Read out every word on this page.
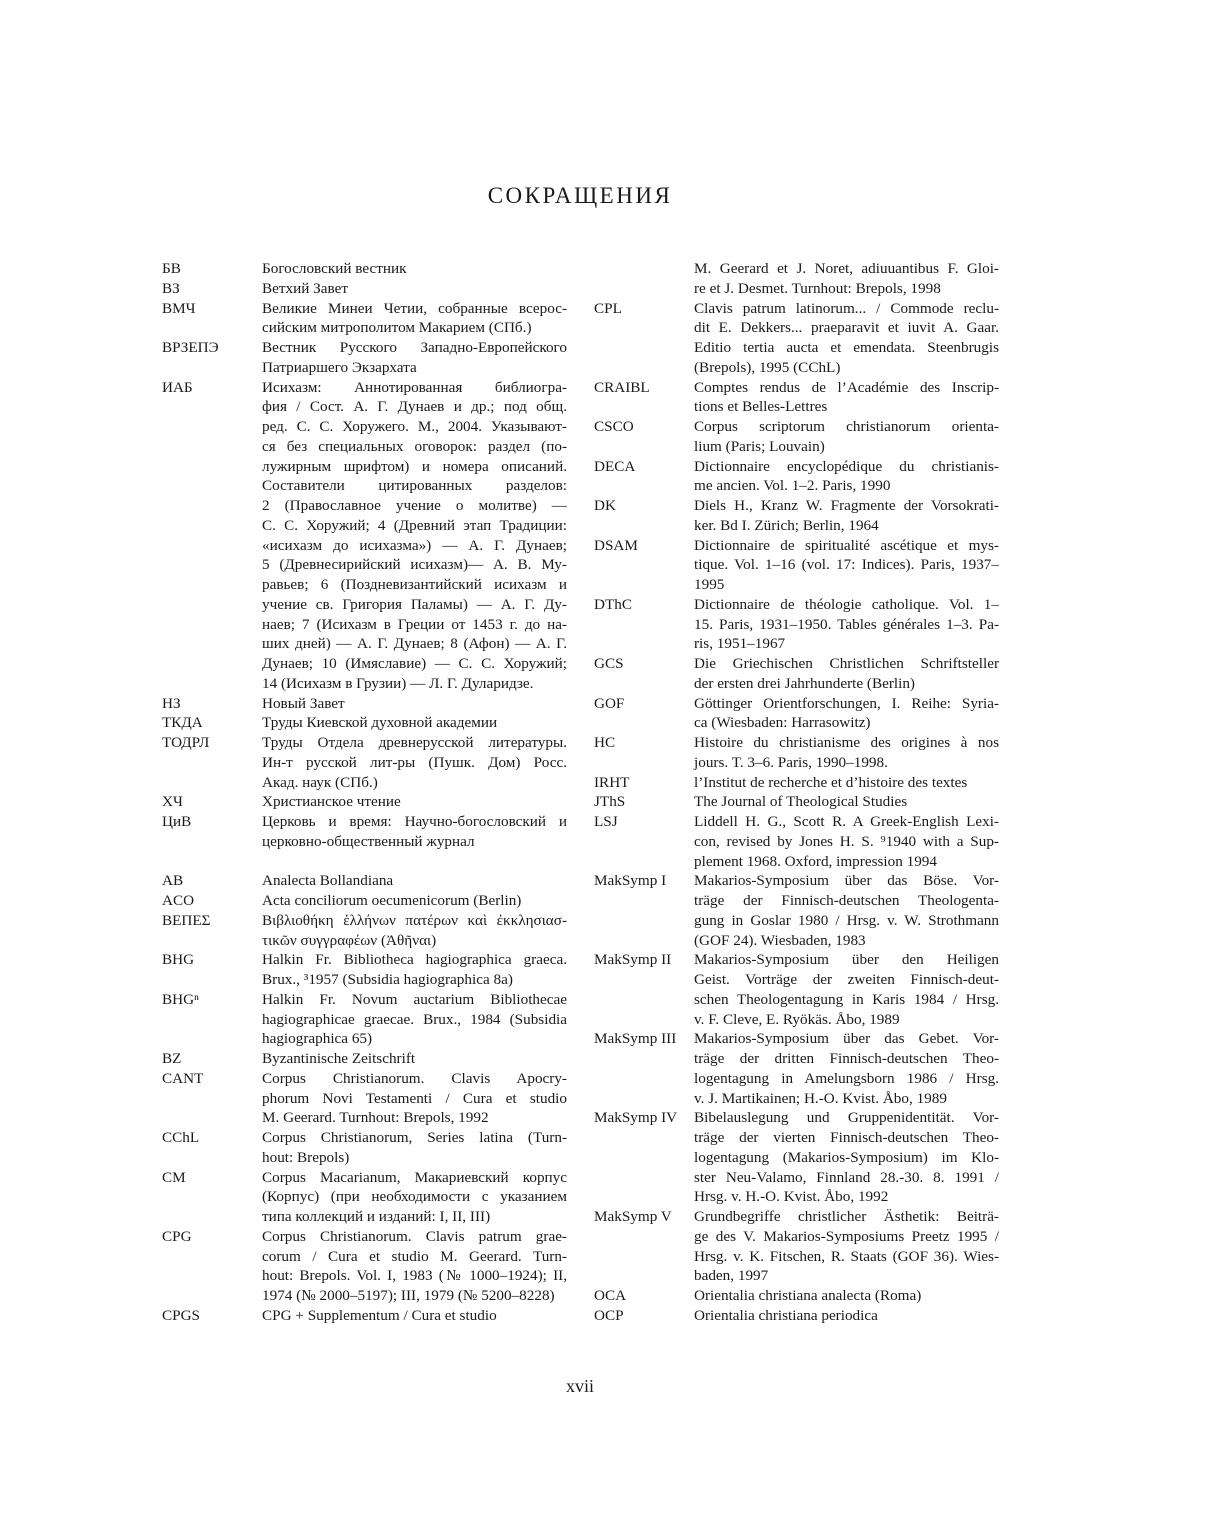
СОКРАЩЕНИЯ
БВ	Богословский вестник
ВЗ	Ветхий Завет
ВМЧ	Великие Минеи Четии, собранные всерос-
сийским митрополитом Макарием (СПб.)
ВРЗЕПЭ	Вестник Русского Западно-Европейского
Патриаршего Экзархата
ИАБ	Исихазм: Аннотированная библиогра-
фия / Сост. А. Г. Дунаев и др.; под общ.
ред. С. С. Хоружего. М., 2004. Указывают-
ся без специальных оговорок: раздел (по-
лужирным шрифтом) и номера описаний.
Составители цитированных разделов:
2 (Православное учение о молитве) —
С. С. Хоружий; 4 (Древний этап Традиции:
«исихазм до исихазма») — А. Г. Дунаев;
5 (Древнесирийский исихазм)— А. В. Му-
равьев; 6 (Поздневизантийский исихазм и
учение св. Григория Паламы) — А. Г. Ду-
наев; 7 (Исихазм в Греции от 1453 г. до на-
ших дней) — А. Г. Дунаев; 8 (Афон) — А. Г.
Дунаев; 10 (Имяславие) — С. С. Хоружий;
14 (Исихазм в Грузии) — Л. Г. Дуларидзе.
НЗ	Новый Завет
ТКДА	Труды Киевской духовной академии
ТОДРЛ	Труды Отдела древнерусской литературы.
Ин-т русской лит-ры (Пушк. Дом) Росс.
Акад. наук (СПб.)
ХЧ	Христианское чтение
ЦиВ	Церковь и время: Научно-богословский и
церковно-общественный журнал
AB	Analecta Bollandiana
ACO	Acta conciliorum oecumenicorum (Berlin)
ΒΕΠΕΣ	Βιβλιοθήκη ἑλλήνων πατέρων καὶ ἐκκλησιασ-
τικῶν συγγραφέων (Ἀθῆναι)
BHG	Halkin Fr. Bibliotheca hagiographica graeca.
Brux., ³1957 (Subsidia hagiographica 8a)
BHGⁿ	Halkin Fr. Novum auctarium Bibliothecae
hagiographicae graecae. Brux., 1984 (Subsidia
hagiographica 65)
BZ	Byzantinische Zeitschrift
CANT	Corpus Christianorum. Clavis Apocry-
phorum Novi Testamenti / Cura et studio
M. Geerard. Turnhout: Brepols, 1992
CChL	Corpus Christianorum, Series latina (Turn-
hout: Brepols)
CM	Corpus Macarianum, Макариевский корпус
(Корпус) (при необходимости с указанием
типа коллекций и изданий: I, II, III)
CPG	Corpus Christianorum. Clavis patrum grae-
corum / Cura et studio M. Geerard. Turn-
hout: Brepols. Vol. I, 1983 (№ 1000–1924); II,
1974 (№ 2000–5197); III, 1979 (№ 5200–8228)
CPGS	CPG + Supplementum / Cura et studio
M. Geerard et J. Noret, adiuuantibus F. Gloi-
re et J. Desmet. Turnhout: Brepols, 1998
CPL	Clavis patrum latinorum... / Commode reclu-
dit E. Dekkers... praeparavit et iuvit A. Gaar.
Editio tertia aucta et emendata. Steenbrugis
(Brepols), 1995 (CChL)
CRAIBL	Comptes rendus de l’Académie des Inscrip-
tions et Belles-Lettres
CSCO	Corpus scriptorum christianorum orienta-
lium (Paris; Louvain)
DECA	Dictionnaire encyclopédique du christianis-
me ancien. Vol. 1–2. Paris, 1990
DK	Diels H., Kranz W. Fragmente der Vorsokrati-
ker. Bd I. Zürich; Berlin, 1964
DSAM	Dictionnaire de spiritualité ascétique et mys-
tique. Vol. 1–16 (vol. 17: Indices). Paris, 1937–
1995
DThC	Dictionnaire de théologie catholique. Vol. 1–
15. Paris, 1931–1950. Tables générales 1–3. Pa-
ris, 1951–1967
GCS	Die Griechischen Christlichen Schriftsteller
der ersten drei Jahrhunderte (Berlin)
GOF	Göttinger Orientforschungen, I. Reihe: Syria-
ca (Wiesbaden: Harrasowitz)
HC	Histoire du christianisme des origines à nos
jours. T. 3–6. Paris, 1990–1998.
IRHT	l’Institut de recherche et d’histoire des textes
JThS	The Journal of Theological Studies
LSJ	Liddell H. G., Scott R. A Greek-English Lexi-
con, revised by Jones H. S. ⁹1940 with a Sup-
plement 1968. Oxford, impression 1994
MakSymp I	Makarios-Symposium über das Böse. Vor-
träge der Finnisch-deutschen Theologenta-
gung in Goslar 1980 / Hrsg. v. W. Strothmann
(GOF 24). Wiesbaden, 1983
MakSymp II	Makarios-Symposium über den Heiligen
Geist. Vorträge der zweiten Finnisch-deut-
schen Theologentagung in Karis 1984 / Hrsg.
v. F. Cleve, E. Ryökäs. Åbo, 1989
MakSymp III	Makarios-Symposium über das Gebet. Vor-
träge der dritten Finnisch-deutschen Theo-
logentagung in Amelungsborn 1986 / Hrsg.
v. J. Martikainen; H.-O. Kvist. Åbo, 1989
MakSymp IV	Bibelauslegung und Gruppenidentität. Vor-
träge der vierten Finnisch-deutschen Theo-
logentagung (Makarios-Symposium) im Klo-
ster Neu-Valamo, Finnland 28.-30. 8. 1991 /
Hrsg. v. H.-O. Kvist. Åbo, 1992
MakSymp V	Grundbegriffe christlicher Ästhetik: Beiträ-
ge des V. Makarios-Symposiums Preetz 1995 /
Hrsg. v. K. Fitschen, R. Staats (GOF 36). Wies-
baden, 1997
OCA	Orientalia christiana analecta (Roma)
OCP	Orientalia christiana periodica
xvii
